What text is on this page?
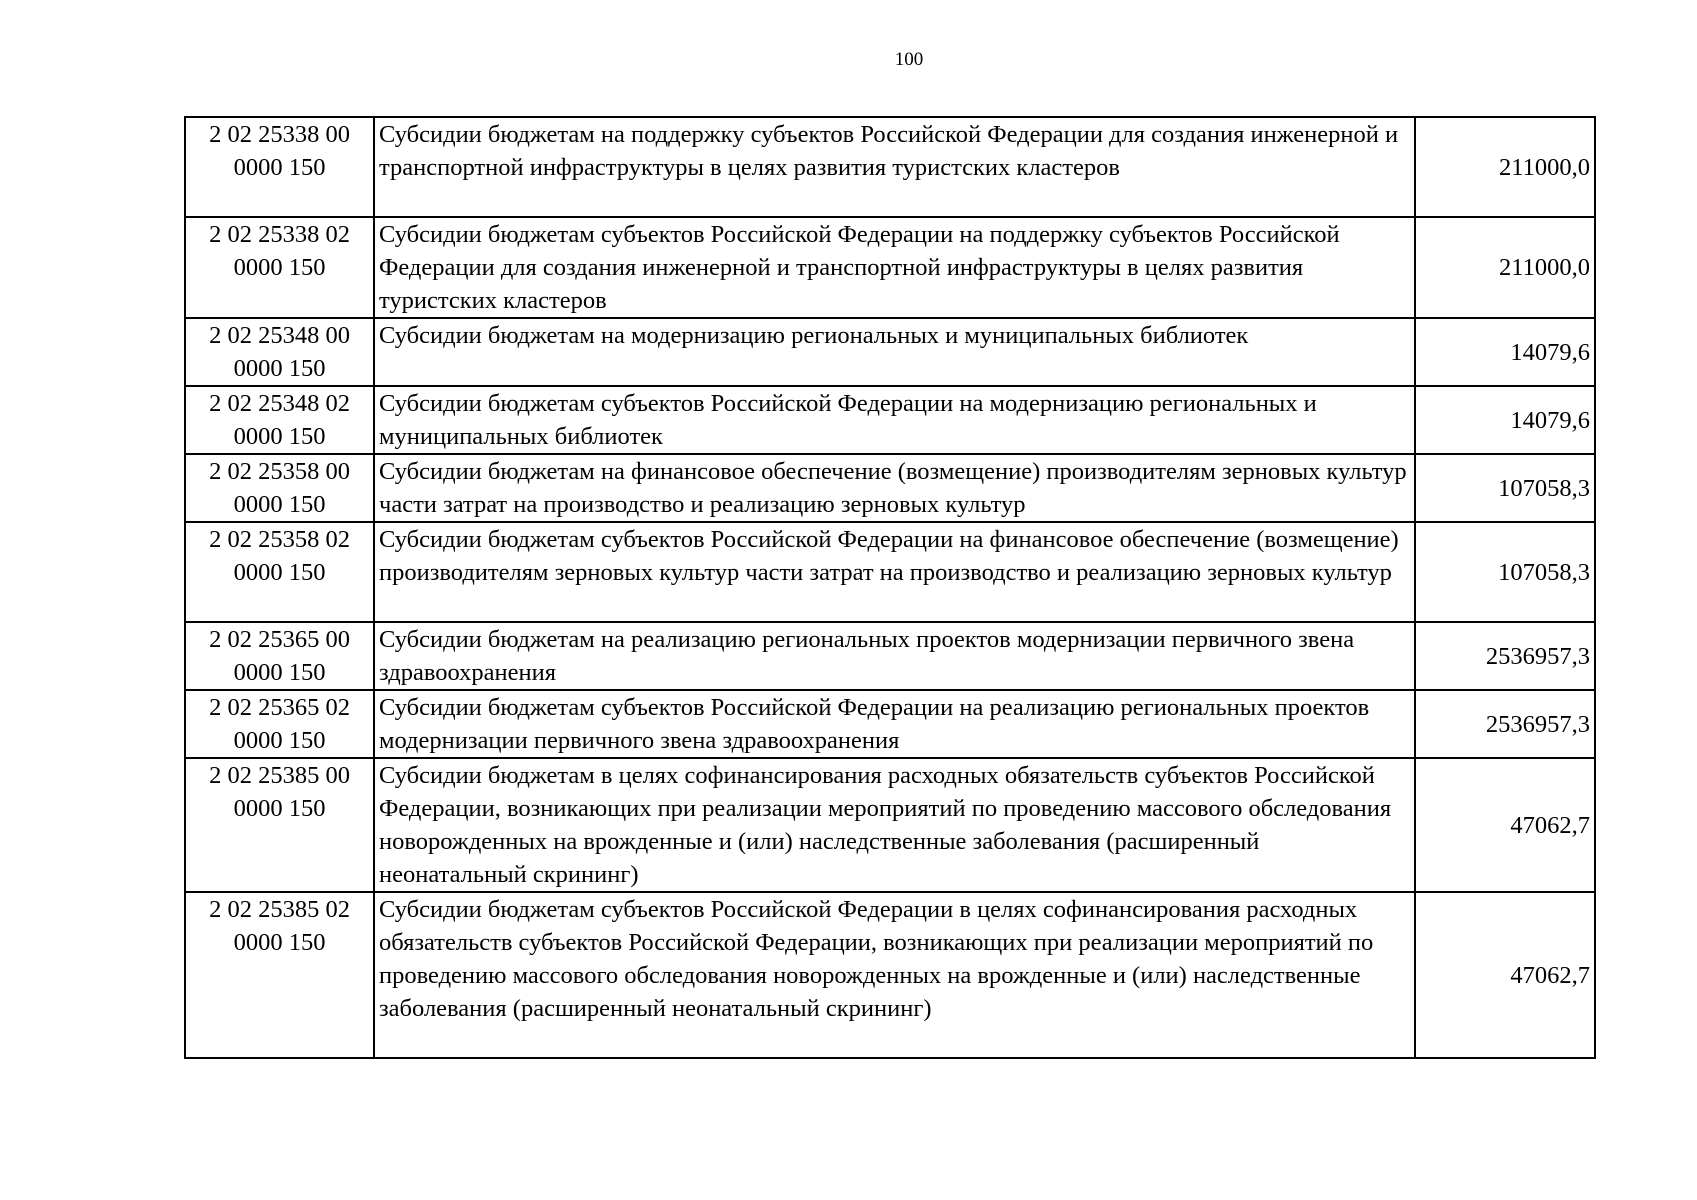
100
2 02 25338 00 0000 150	Субсидии бюджетам на поддержку субъектов Российской Федерации для создания инженерной и транспортной инфраструктуры в целях развития туристских кластеров	211000,0
2 02 25338 02 0000 150	Субсидии бюджетам субъектов Российской Федерации на поддержку субъектов Российской Федерации для создания инженерной и транспортной инфраструктуры в целях развития туристских кластеров	211000,0
2 02 25348 00 0000 150	Субсидии бюджетам на модернизацию региональных и муниципальных библиотек	14079,6
2 02 25348 02 0000 150	Субсидии бюджетам субъектов Российской Федерации на модернизацию региональных и муниципальных библиотек	14079,6
2 02 25358 00 0000 150	Субсидии бюджетам на финансовое обеспечение (возмещение) производителям зерновых культур части затрат на производство и реализацию зерновых культур	107058,3
2 02 25358 02 0000 150	Субсидии бюджетам субъектов Российской Федерации на финансовое обеспечение (возмещение) производителям зерновых культур части затрат на производство и реализацию зерновых культур	107058,3
2 02 25365 00 0000 150	Субсидии бюджетам на реализацию региональных проектов модернизации первичного звена здравоохранения	2536957,3
2 02 25365 02 0000 150	Субсидии бюджетам субъектов Российской Федерации на реализацию региональных проектов модернизации первичного звена здравоохранения	2536957,3
2 02 25385 00 0000 150	Субсидии бюджетам в целях софинансирования расходных обязательств субъектов Российской Федерации, возникающих при реализации мероприятий по проведению массового обследования новорожденных на врожденные и (или) наследственные заболевания (расширенный неонатальный скрининг)	47062,7
2 02 25385 02 0000 150	Субсидии бюджетам субъектов Российской Федерации в целях софинансирования расходных обязательств субъектов Российской Федерации, возникающих при реализации мероприятий по проведению массового обследования новорожденных на врожденные и (или) наследственные заболевания (расширенный неонатальный скрининг)	47062,7
